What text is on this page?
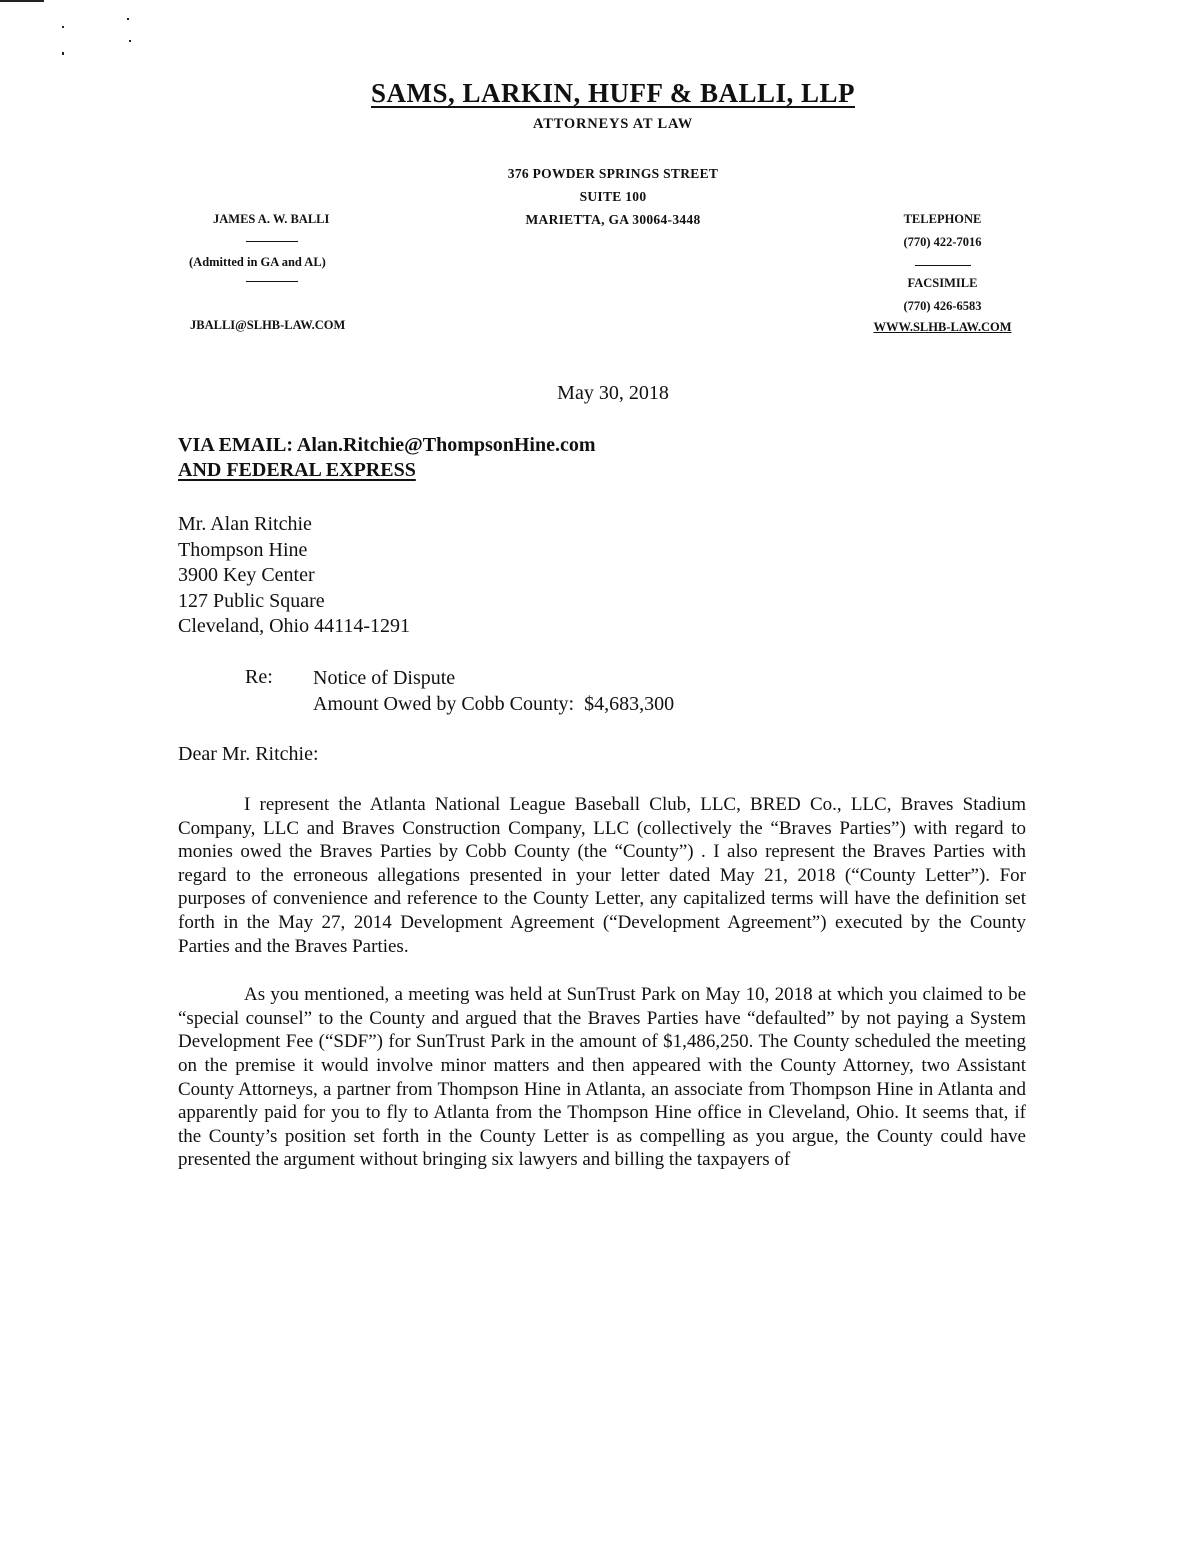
SAMS, LARKIN, HUFF & BALLI, LLP
ATTORNEYS AT LAW
376 POWDER SPRINGS STREET
SUITE 100
MARIETTA, GA 30064-3448
JAMES A. W. BALLI
(Admitted in GA and AL)
JBALLI@SLHB-LAW.COM
TELEPHONE
(770) 422-7016
FACSIMILE
(770) 426-6583
WWW.SLHB-LAW.COM
May 30, 2018
VIA EMAIL: Alan.Ritchie@ThompsonHine.com
AND FEDERAL EXPRESS
Mr. Alan Ritchie
Thompson Hine
3900 Key Center
127 Public Square
Cleveland, Ohio 44114-1291
Re: Notice of Dispute
Amount Owed by Cobb County:  $4,683,300
Dear Mr. Ritchie:

I represent the Atlanta National League Baseball Club, LLC, BRED Co., LLC, Braves Stadium Company, LLC and Braves Construction Company, LLC (collectively the “Braves Parties”) with regard to monies owed the Braves Parties by Cobb County (the “County”) . I also represent the Braves Parties with regard to the erroneous allegations presented in your letter dated May 21, 2018 (“County Letter”). For purposes of convenience and reference to the County Letter, any capitalized terms will have the definition set forth in the May 27, 2014 Development Agreement (“Development Agreement”) executed by the County Parties and the Braves Parties.

As you mentioned, a meeting was held at SunTrust Park on May 10, 2018 at which you claimed to be “special counsel” to the County and argued that the Braves Parties have “defaulted” by not paying a System Development Fee (“SDF”) for SunTrust Park in the amount of $1,486,250. The County scheduled the meeting on the premise it would involve minor matters and then appeared with the County Attorney, two Assistant County Attorneys, a partner from Thompson Hine in Atlanta, an associate from Thompson Hine in Atlanta and apparently paid for you to fly to Atlanta from the Thompson Hine office in Cleveland, Ohio. It seems that, if the County’s position set forth in the County Letter is as compelling as you argue, the County could have presented the argument without bringing six lawyers and billing the taxpayers of
